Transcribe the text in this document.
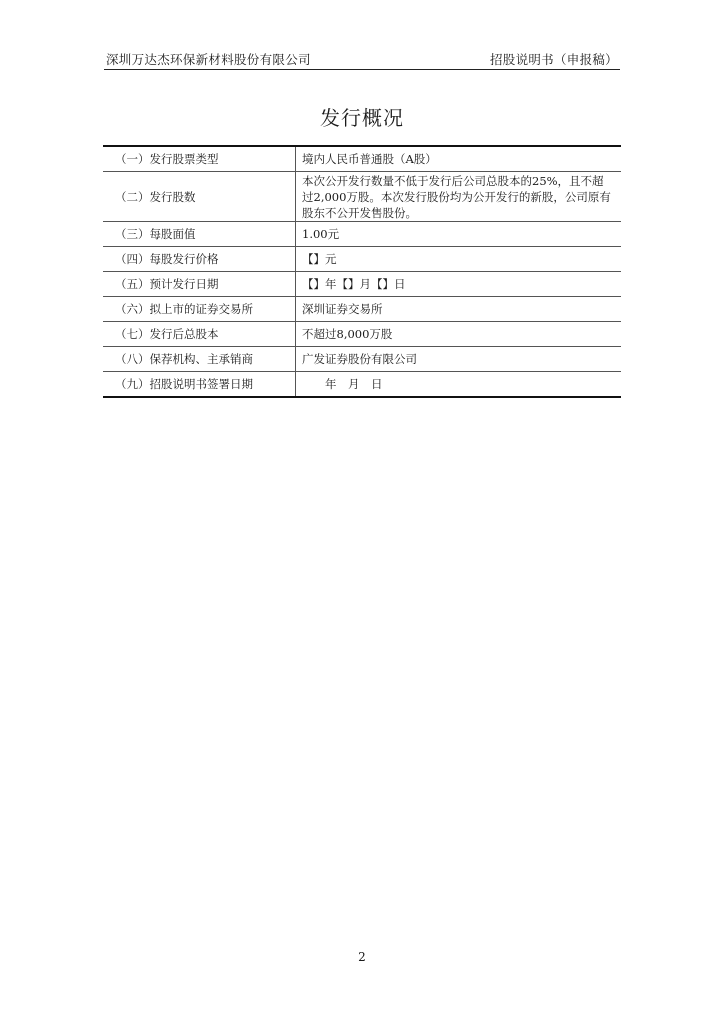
深圳万达杰环保新材料股份有限公司	招股说明书（申报稿）
发行概况
（一）发行股票类型	境内人民币普通股（A股）
（二）发行股数	本次公开发行数量不低于发行后公司总股本的25%，且不超过2,000万股。本次发行股份均为公开发行的新股，公司原有股东不公开发售股份。
（三）每股面值	1.00元
（四）每股发行价格	【】元
（五）预计发行日期	【】年【】月【】日
（六）拟上市的证券交易所	深圳证券交易所
（七）发行后总股本	不超过8,000万股
（八）保荐机构、主承销商	广发证券股份有限公司
（九）招股说明书签署日期	　　年　月　日
2
